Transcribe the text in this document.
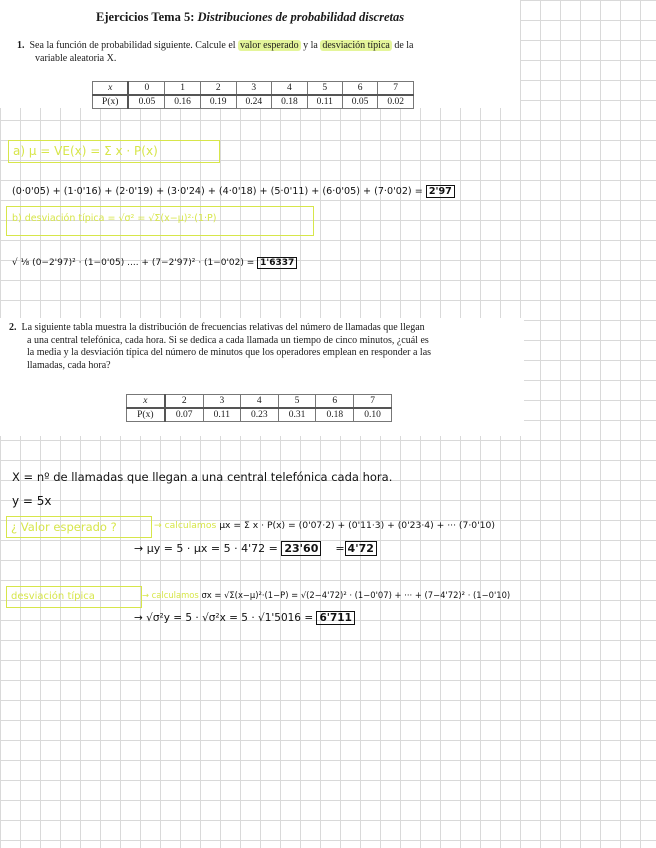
Ejercicios Tema 5: Distribuciones de probabilidad discretas
1. Sea la función de probabilidad siguiente. Calcule el valor esperado y la desviación típica de la
variable aleatoria X.
x	0	1	2	3	4	5	6	7
P(x)	0.05	0.16	0.19	0.24	0.18	0.11	0.05	0.02
a) μ = VE(x) = Σ x · P(x)
(0·0'05) + (1·0'16) + (2·0'19) + (3·0'24) + (4·0'18) + (5·0'11) + (6·0'05) + (7·0'02) = 2'97
b) desviación típica = √σ² = √Σ(x−μ)²·(1·P)
√ ⅛ (0−2'97)² · (1−0'05) .... + (7−2'97)² · (1−0'02) = 1'6337
2. La siguiente tabla muestra la distribución de frecuencias relativas del número de llamadas que llegan
a una central telefónica, cada hora. Si se dedica a cada llamada un tiempo de cinco minutos, ¿cuál es
la media y la desviación típica del número de minutos que los operadores emplean en responder a las
llamadas, cada hora?
x	2	3	4	5	6	7
P(x)	0.07	0.11	0.23	0.31	0.18	0.10
X = nº de llamadas que llegan a una central telefónica cada hora.
y = 5x
¿ Valor esperado ?	→ calculamos μx = Σ x · P(x) = (0'07·2) + (0'11·3) + (0'23·4) + ··· (7·0'10)
→ μy = 5 · μx = 5 · 4'72 = 23'60    = 4'72
desviación típica	→ calculamos σx = √Σ(x−μ)²·(1−P) = √(2−4'72)² · (1−0'07) + ··· + (7−4'72)² · (1−0'10)
→ √σ²y = 5 · √σ²x = 5 · √1'5016 = 6'711
